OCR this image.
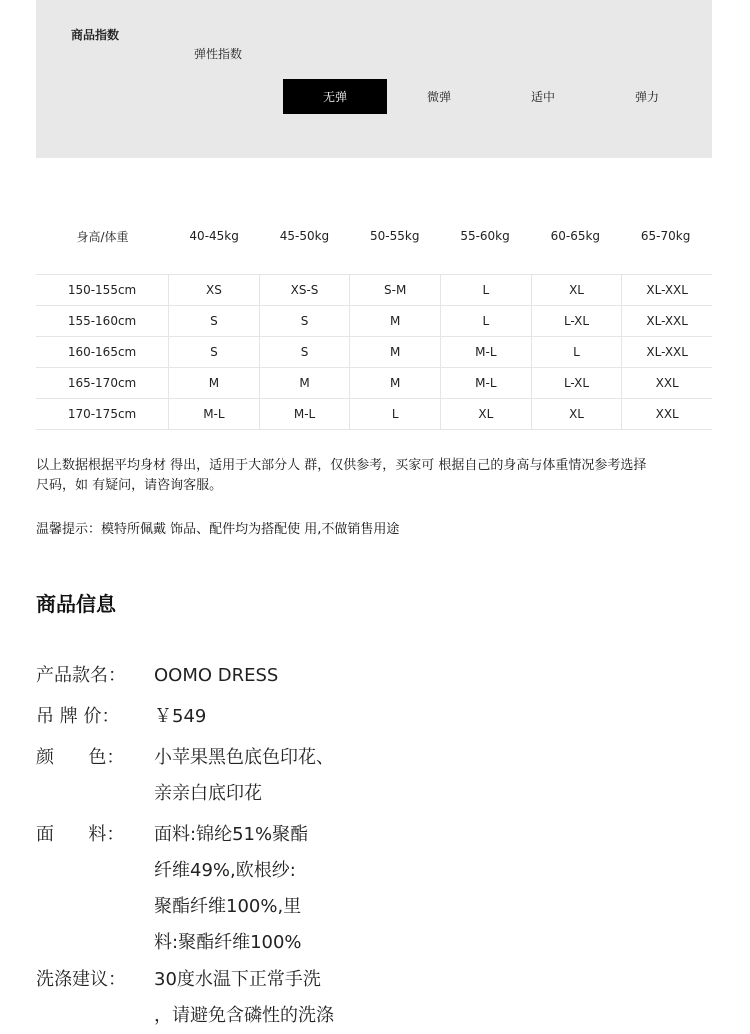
商品指数
弹性指数
无弹	微弹	适中	弹力
身高/体重	40-45kg	45-50kg	50-55kg	55-60kg	60-65kg	65-70kg
150-155cm	XS	XS-S	S-M	L	XL	XL-XXL
155-160cm	S	S	M	L	L-XL	XL-XXL
160-165cm	S	S	M	M-L	L	XL-XXL
165-170cm	M	M	M	M-L	L-XL	XXL
170-175cm	M-L	M-L	L	XL	XL	XXL
以上数据根据平均身材 得出，适用于大部分人 群，仅供参考，买家可 根据自己的身高与体重情况参考选择尺码，如 有疑问，请咨询客服。
温馨提示：模特所佩戴 饰品、配件均为搭配使 用,不做销售用途
商品信息
产品款名：	OOMO DRESS
吊 牌 价：	￥549
颜      色：	小苹果黑色底色印花、
亲亲白底印花
面      料：	面料:锦纶51%聚酯
纤维49%,欧根纱:
聚酯纤维100%,里
料:聚酯纤维100%
洗涤建议：	30度水温下正常手洗
，请避免含磷性的洗涤
